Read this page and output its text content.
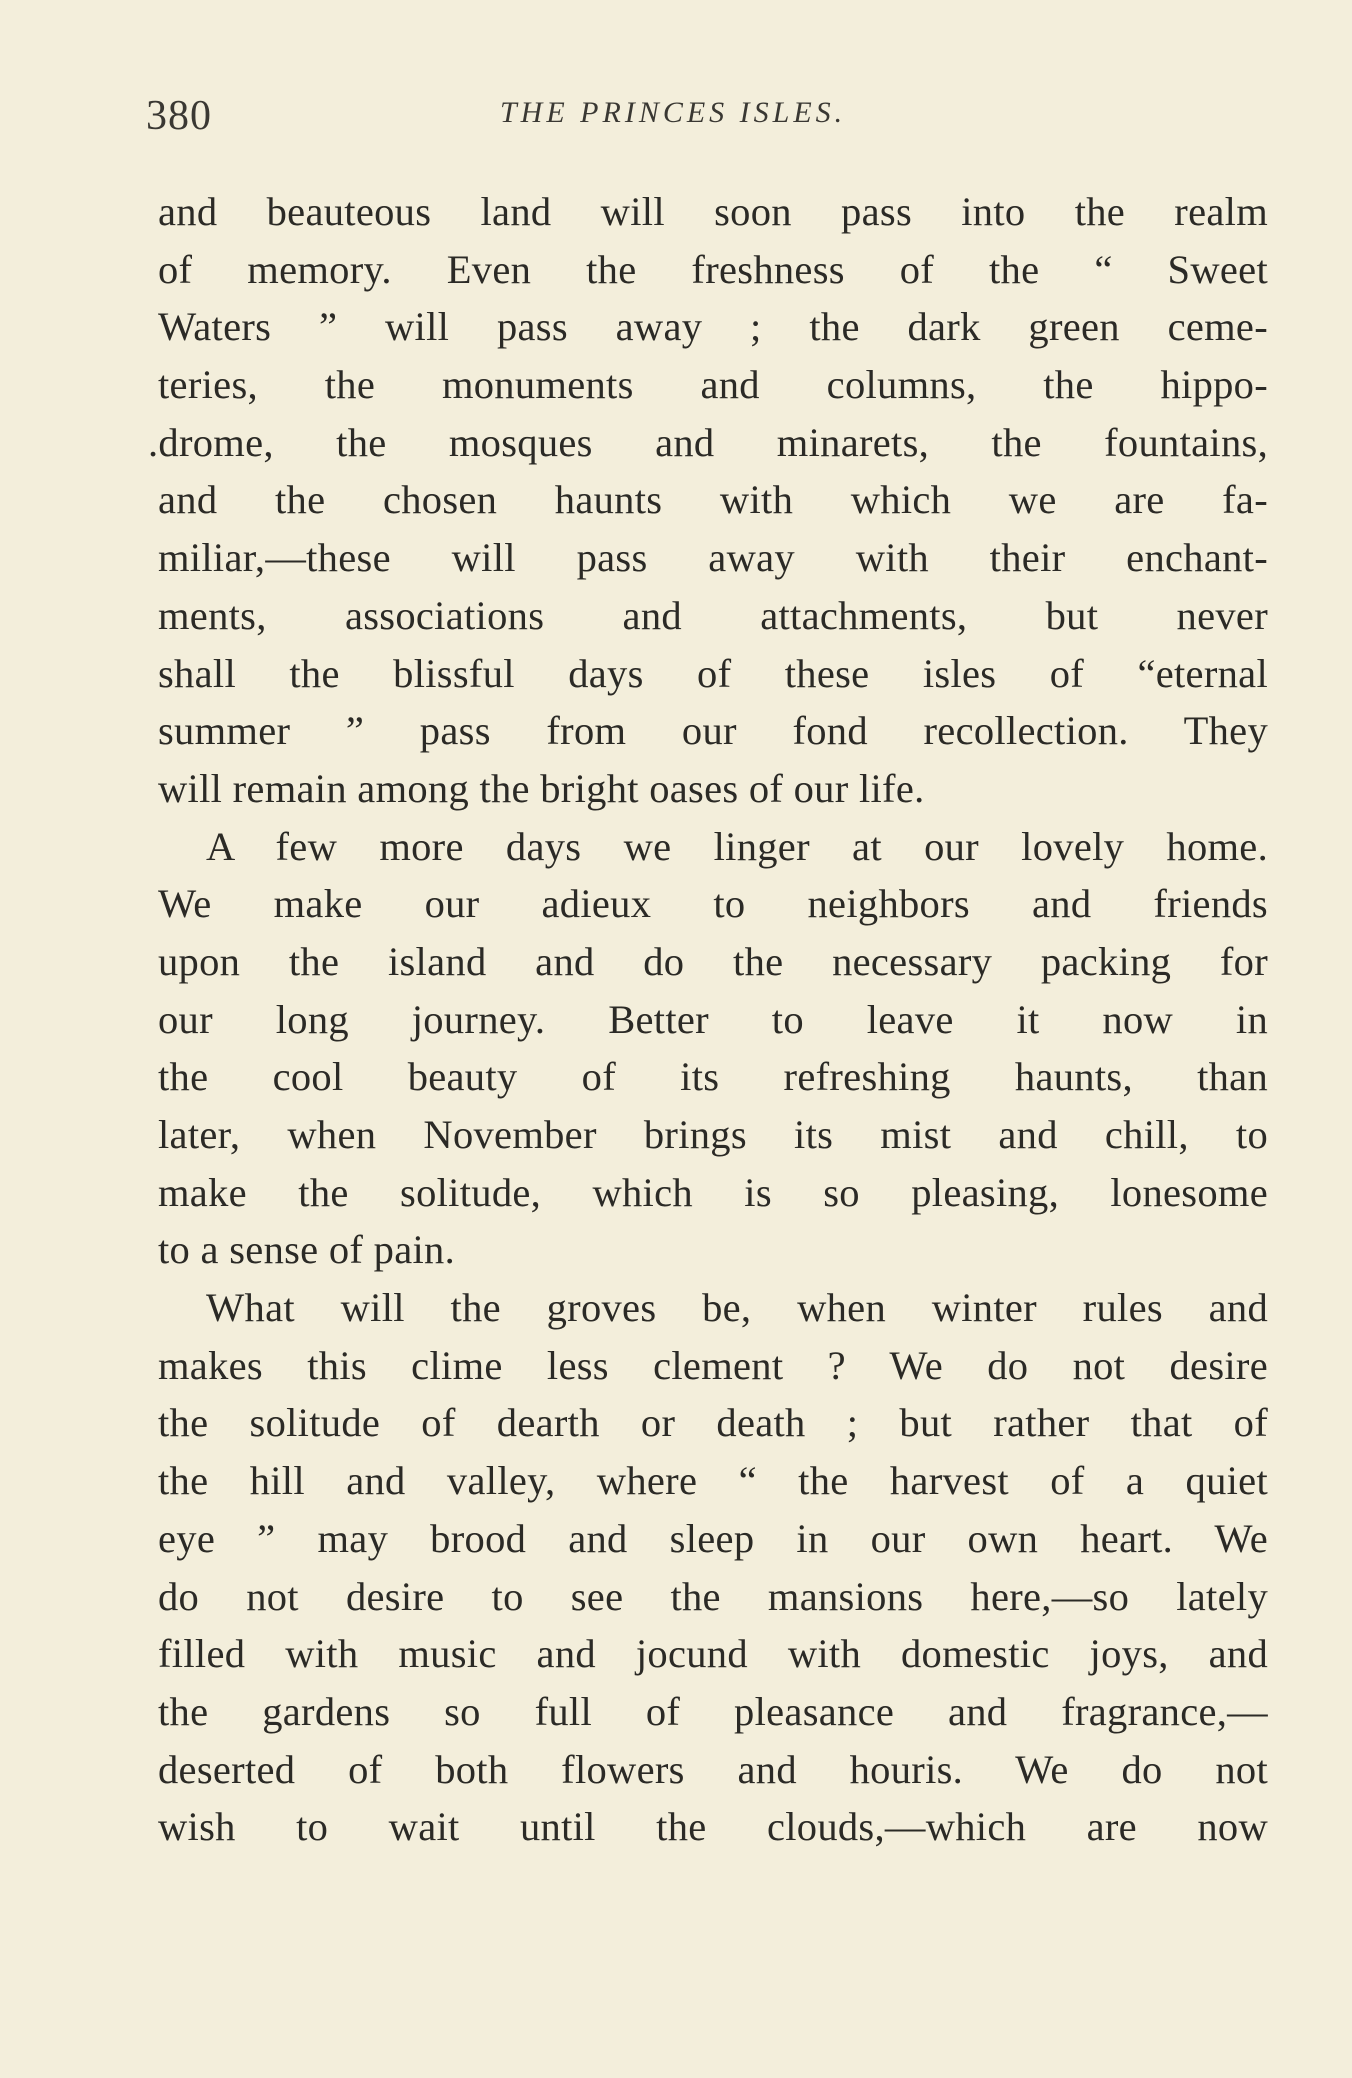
380	THE PRINCES ISLES.
and beauteous land will soon pass into the realm
of memory. Even the freshness of the “ Sweet
Waters ” will pass away ; the dark green ceme-
teries, the monuments and columns, the hippo-
.drome, the mosques and minarets, the fountains,
and the chosen haunts with which we are fa-
miliar,—these will pass away with their enchant-
ments, associations and attachments, but never
shall the blissful days of these isles of “eternal
summer ” pass from our fond recollection. They
will remain among the bright oases of our life.
A few more days we linger at our lovely home.
We make our adieux to neighbors and friends
upon the island and do the necessary packing for
our long journey. Better to leave it now in
the cool beauty of its refreshing haunts, than
later, when November brings its mist and chill, to
make the solitude, which is so pleasing, lonesome
to a sense of pain.
What will the groves be, when winter rules and
makes this clime less clement ? We do not desire
the solitude of dearth or death ; but rather that of
the hill and valley, where “ the harvest of a quiet
eye ” may brood and sleep in our own heart. We
do not desire to see the mansions here,—so lately
filled with music and jocund with domestic joys, and
the gardens so full of pleasance and fragrance,—
deserted of both flowers and houris. We do not
wish to wait until the clouds,—which are now
